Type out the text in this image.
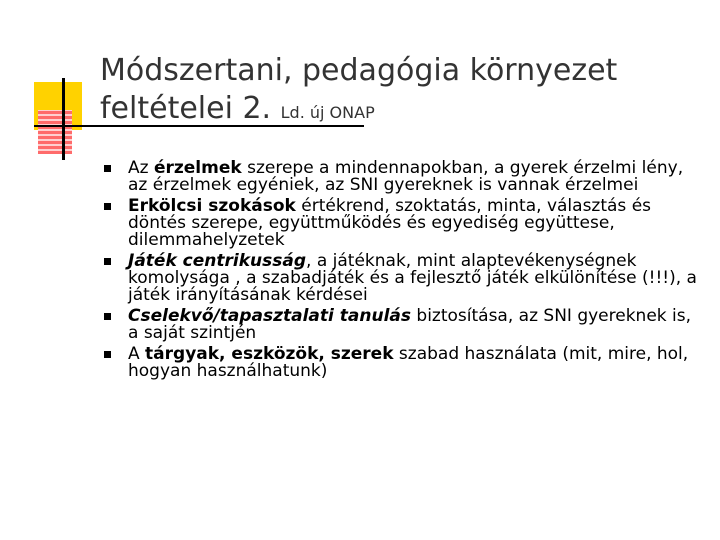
Módszertani, pedagógia környezet
feltételei 2. Ld. új ONAP
Az érzelmek szerepe a mindennapokban, a gyerek érzelmi lény, az érzelmek egyéniek, az SNI gyereknek is vannak érzelmei
Erkölcsi szokások értékrend, szoktatás, minta, választás és döntés szerepe, együttműködés és egyediség együttese, dilemmahelyzetek
Játék centrikusság, a játéknak, mint alaptevékenységnek komolysága , a szabadjáték és a fejlesztő játék elkülönítése (!!!), a játék irányításának kérdései
Cselekvő/tapasztalati tanulás biztosítása, az SNI gyereknek is, a saját szintjén
A tárgyak, eszközök, szerek szabad használata (mit, mire, hol, hogyan használhatunk)
